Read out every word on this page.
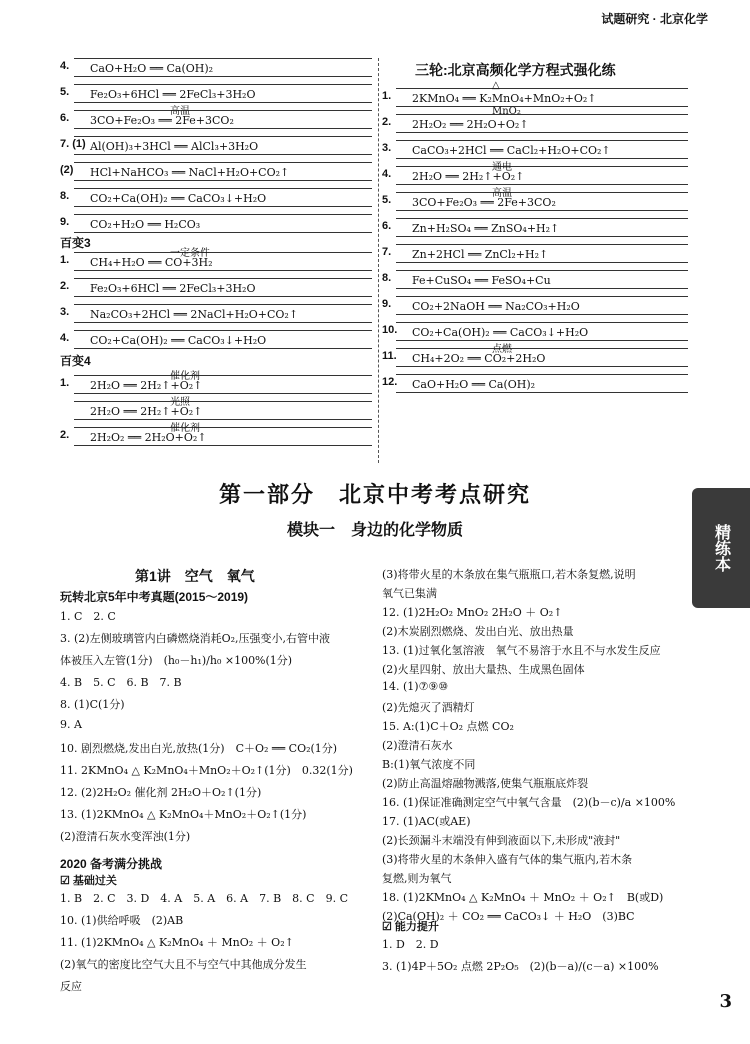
试题研究 · 北京化学
4. CaO+H₂O ══ Ca(OH)₂
5. Fe₂O₃+6HCl ══ 2FeCl₃+3H₂O
6. 3CO+Fe₂O₃ ══ 2Fe+3CO₂
高温
7. (1) Al(OH)₃+3HCl ══ AlCl₃+3H₂O
(2) HCl+NaHCO₃ ══ NaCl+H₂O+CO₂↑
8. CO₂+Ca(OH)₂ ══ CaCO₃↓+H₂O
9. CO₂+H₂O ══ H₂CO₃
百变3
1. CH₄+H₂O ══ CO+3H₂
一定条件
2. Fe₂O₃+6HCl ══ 2FeCl₃+3H₂O
3. Na₂CO₃+2HCl ══ 2NaCl+H₂O+CO₂↑
4. CO₂+Ca(OH)₂ ══ CaCO₃↓+H₂O
百变4
1. 2H₂O ══ 2H₂↑+O₂↑
催化剂
2H₂O ══ 2H₂↑+O₂↑
光照
2. 2H₂O₂ ══ 2H₂O+O₂↑
催化剂
三轮:北京高频化学方程式强化练
1. 2KMnO₄ ══ K₂MnO₄+MnO₂+O₂↑
△
2. 2H₂O₂ ══ 2H₂O+O₂↑
MnO₂
3. CaCO₃+2HCl ══ CaCl₂+H₂O+CO₂↑
4. 2H₂O ══ 2H₂↑+O₂↑
通电
5. 3CO+Fe₂O₃ ══ 2Fe+3CO₂
高温
6. Zn+H₂SO₄ ══ ZnSO₄+H₂↑
7. Zn+2HCl ══ ZnCl₂+H₂↑
8. Fe+CuSO₄ ══ FeSO₄+Cu
9. CO₂+2NaOH ══ Na₂CO₃+H₂O
10. CO₂+Ca(OH)₂ ══ CaCO₃↓+H₂O
11. CH₄+2O₂ ══ CO₂+2H₂O
点燃
12. CaO+H₂O ══ Ca(OH)₂
第一部分　北京中考考点研究
模块一　身边的化学物质	精练本
第1讲　空气　氧气
玩转北京5年中考真题(2015～2019)
1. C　2. C
3. (2)左侧玻璃管内白磷燃烧消耗O₂,压强变小,右管中液
体被压入左管(1分)　(h₀－h₁)/h₀ ×100%(1分)
4. B　5. C　6. B　7. B
8. (1)C(1分)
9. A
10. 剧烈燃烧,发出白光,放热(1分)　C＋O₂ ══ CO₂(1分)
11. 2KMnO₄ △ K₂MnO₄＋MnO₂＋O₂↑(1分)　0.32(1分)
12. (2)2H₂O₂ 催化剂 2H₂O＋O₂↑(1分)
13. (1)2KMnO₄ △ K₂MnO₄＋MnO₂＋O₂↑(1分)
(2)澄清石灰水变浑浊(1分)
2020 备考满分挑战
☑ 基础过关
1. B　2. C　3. D　4. A　5. A　6. A　7. B　8. C　9. C
10. (1)供给呼吸　(2)AB
11. (1)2KMnO₄ △ K₂MnO₄ ＋ MnO₂ ＋ O₂↑
(2)氧气的密度比空气大且不与空气中其他成分发生
反应
(3)将带火星的木条放在集气瓶瓶口,若木条复燃,说明
氧气已集满
12. (1)2H₂O₂ MnO₂ 2H₂O ＋ O₂↑
(2)木炭剧烈燃烧、发出白光、放出热量
13. (1)过氧化氢溶液　氧气不易溶于水且不与水发生反应
(2)火星四射、放出大量热、生成黑色固体
14. (1)⑦⑨⑩
(2)先熄灭了酒精灯
15. A:(1)C＋O₂ 点燃 CO₂
(2)澄清石灰水
B:(1)氧气浓度不同
(2)防止高温熔融物溅落,使集气瓶瓶底炸裂
16. (1)保证准确测定空气中氧气含量　(2)(b－c)/a ×100%
17. (1)AC(或AE)
(2)长颈漏斗末端没有伸到液面以下,未形成"液封"
(3)将带火星的木条伸入盛有气体的集气瓶内,若木条
复燃,则为氧气
18. (1)2KMnO₄ △ K₂MnO₄ ＋ MnO₂ ＋ O₂↑　B(或D)
(2)Ca(OH)₂ ＋ CO₂ ══ CaCO₃↓ ＋ H₂O　(3)BC
☑ 能力提升
1. D　2. D
3. (1)4P＋5O₂ 点燃 2P₂O₅　(2)(b－a)/(c－a) ×100%
3
